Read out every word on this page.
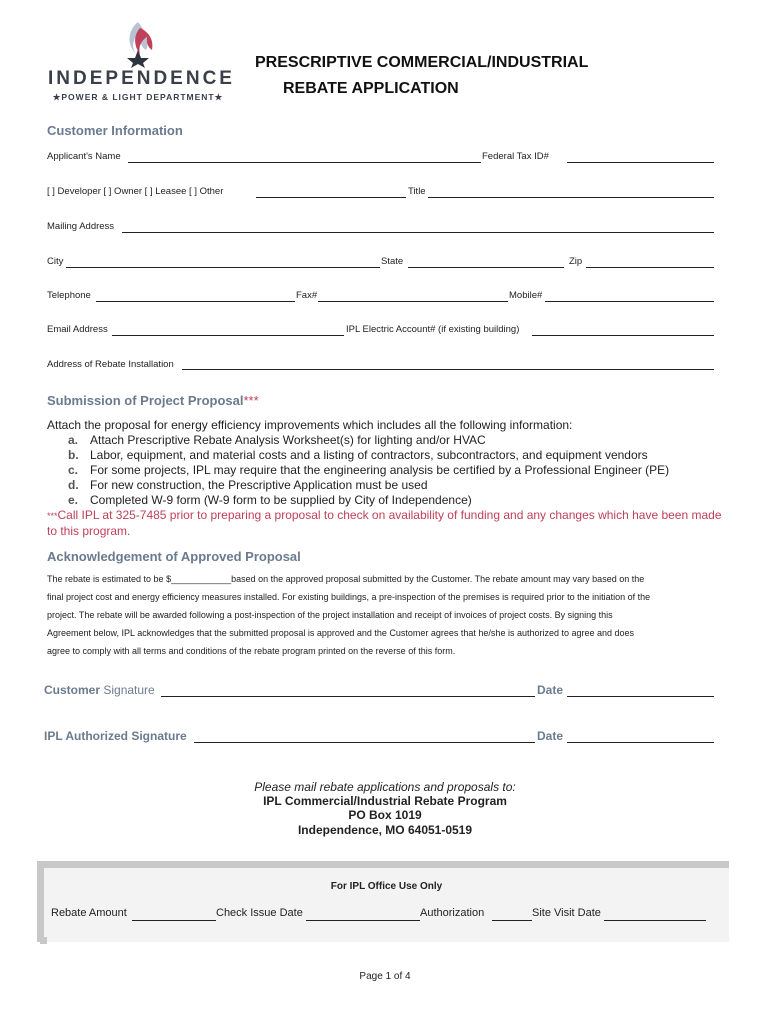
INDEPENDENCE
★POWER & LIGHT DEPARTMENT★
PRESCRIPTIVE COMMERCIAL/INDUSTRIAL
REBATE APPLICATION
Customer Information
Applicant's Name	Federal Tax ID#
[ ] Developer [ ] Owner [ ] Leasee [ ] Other	Title
Mailing Address
City	State	Zip
Telephone	Fax#	Mobile#
Email Address	IPL Electric Account# (if existing building)
Address of Rebate Installation
Submission of Project Proposal***
Attach the proposal for energy efficiency improvements which includes all the following information:
a. Attach Prescriptive Rebate Analysis Worksheet(s) for lighting and/or HVAC
b. Labor, equipment, and material costs and a listing of contractors, subcontractors, and equipment vendors
c. For some projects, IPL may require that the engineering analysis be certified by a Professional Engineer (PE)
d. For new construction, the Prescriptive Application must be used
e. Completed W-9 form (W-9 form to be supplied by City of Independence)
***Call IPL at 325-7485 prior to preparing a proposal to check on availability of funding and any changes which have been made to this program.
Acknowledgement of Approved Proposal
The rebate is estimated to be $____________based on the approved proposal submitted by the Customer. The rebate amount may vary based on the
final project cost and energy efficiency measures installed. For existing buildings, a pre-inspection of the premises is required prior to the initiation of the
project. The rebate will be awarded following a post-inspection of the project installation and receipt of invoices of project costs. By signing this
Agreement below, IPL acknowledges that the submitted proposal is approved and the Customer agrees that he/she is authorized to agree and does
agree to comply with all terms and conditions of the rebate program printed on the reverse of this form.
Customer Signature	Date
IPL Authorized Signature	Date
Please mail rebate applications and proposals to:
IPL Commercial/Industrial Rebate Program
PO Box 1019
Independence, MO 64051-0519
For IPL Office Use Only
Rebate Amount	Check Issue Date	Authorization	Site Visit Date
Page 1 of 4
